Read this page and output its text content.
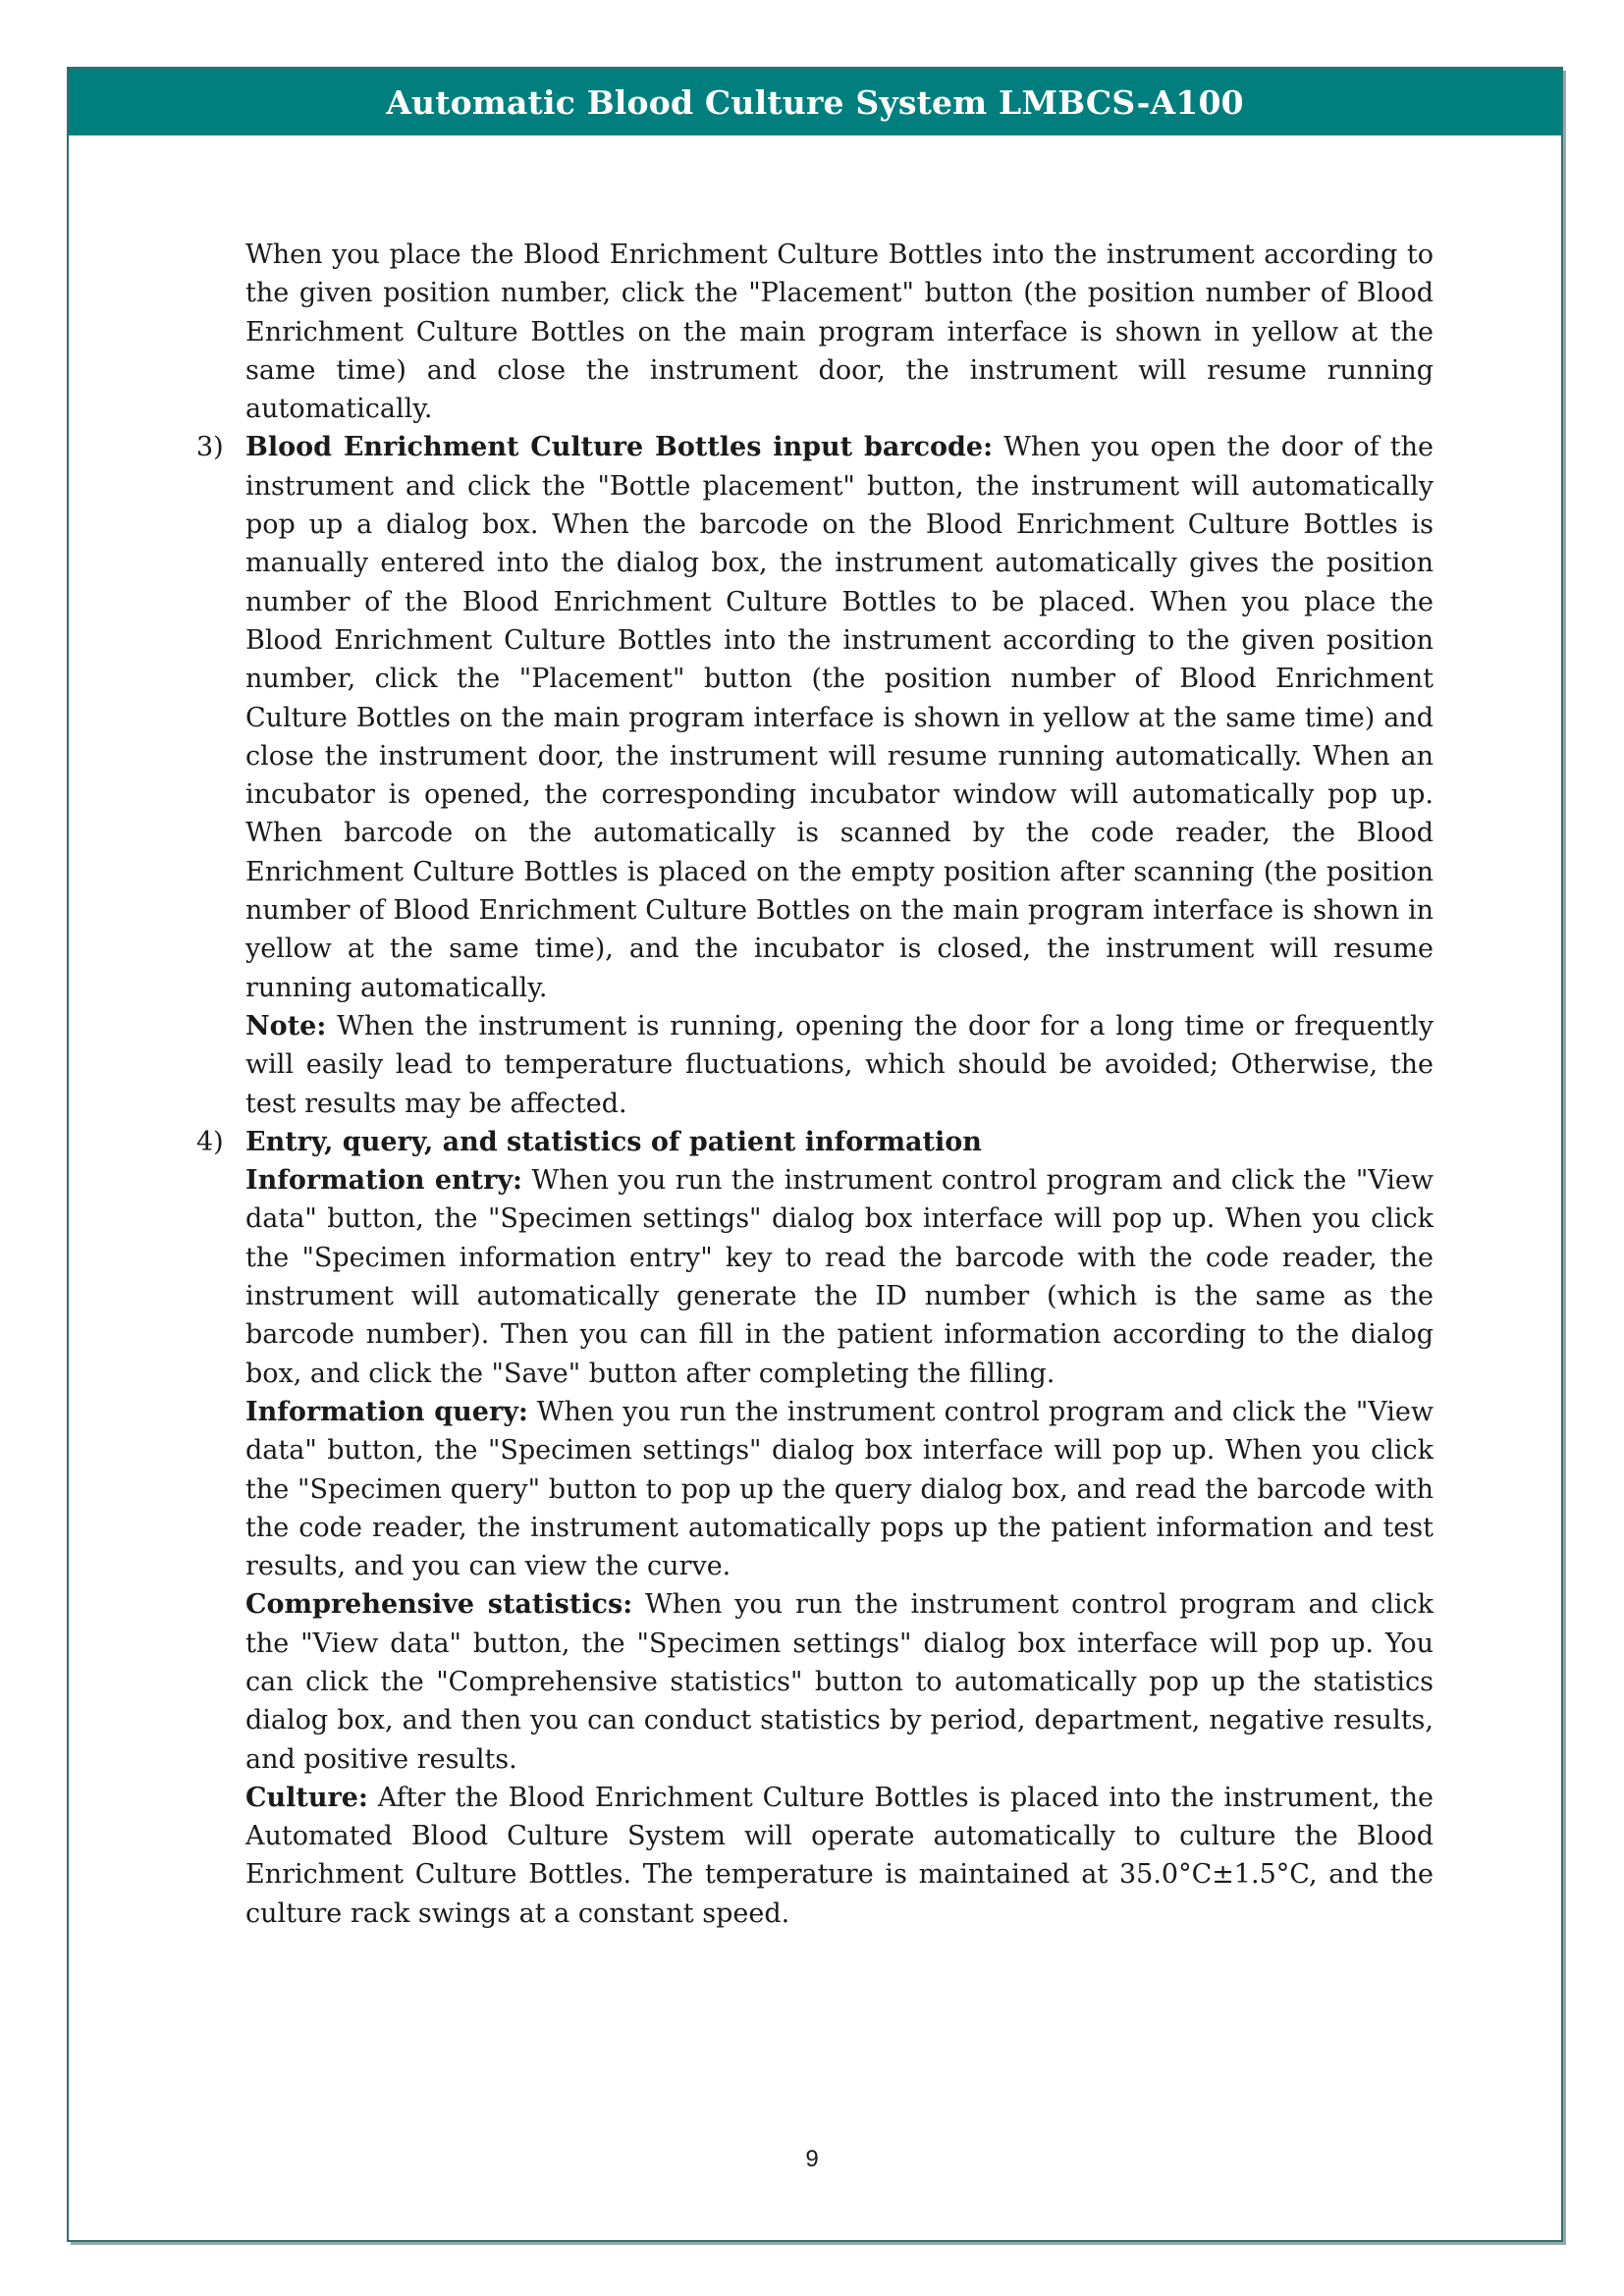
Automatic Blood Culture System LMBCS-A100

When you place the Blood Enrichment Culture Bottles into the instrument according to the given position number, click the "Placement" button (the position number of Blood Enrichment Culture Bottles on the main program interface is shown in yellow at the same time) and close the instrument door, the instrument will resume running automatically.

3) Blood Enrichment Culture Bottles input barcode: When you open the door of the instrument and click the "Bottle placement" button, the instrument will automatically pop up a dialog box. When the barcode on the Blood Enrichment Culture Bottles is manually entered into the dialog box, the instrument automatically gives the position number of the Blood Enrichment Culture Bottles to be placed. When you place the Blood Enrichment Culture Bottles into the instrument according to the given position number, click the "Placement" button (the position number of Blood Enrichment Culture Bottles on the main program interface is shown in yellow at the same time) and close the instrument door, the instrument will resume running automatically. When an incubator is opened, the corresponding incubator window will automatically pop up. When barcode on the automatically is scanned by the code reader, the Blood Enrichment Culture Bottles is placed on the empty position after scanning (the position number of Blood Enrichment Culture Bottles on the main program interface is shown in yellow at the same time), and the incubator is closed, the instrument will resume running automatically.
Note: When the instrument is running, opening the door for a long time or frequently will easily lead to temperature fluctuations, which should be avoided; Otherwise, the test results may be affected.
4) Entry, query, and statistics of patient information
Information entry: When you run the instrument control program and click the "View data" button, the "Specimen settings" dialog box interface will pop up. When you click the "Specimen information entry" key to read the barcode with the code reader, the instrument will automatically generate the ID number (which is the same as the barcode number). Then you can fill in the patient information according to the dialog box, and click the "Save" button after completing the filling.
Information query: When you run the instrument control program and click the "View data" button, the "Specimen settings" dialog box interface will pop up. When you click the "Specimen query" button to pop up the query dialog box, and read the barcode with the code reader, the instrument automatically pops up the patient information and test results, and you can view the curve.
Comprehensive statistics: When you run the instrument control program and click the "View data" button, the "Specimen settings" dialog box interface will pop up. You can click the "Comprehensive statistics" button to automatically pop up the statistics dialog box, and then you can conduct statistics by period, department, negative results, and positive results.
Culture: After the Blood Enrichment Culture Bottles is placed into the instrument, the Automated Blood Culture System will operate automatically to culture the Blood Enrichment Culture Bottles. The temperature is maintained at 35.0°C±1.5°C, and the culture rack swings at a constant speed.
9
